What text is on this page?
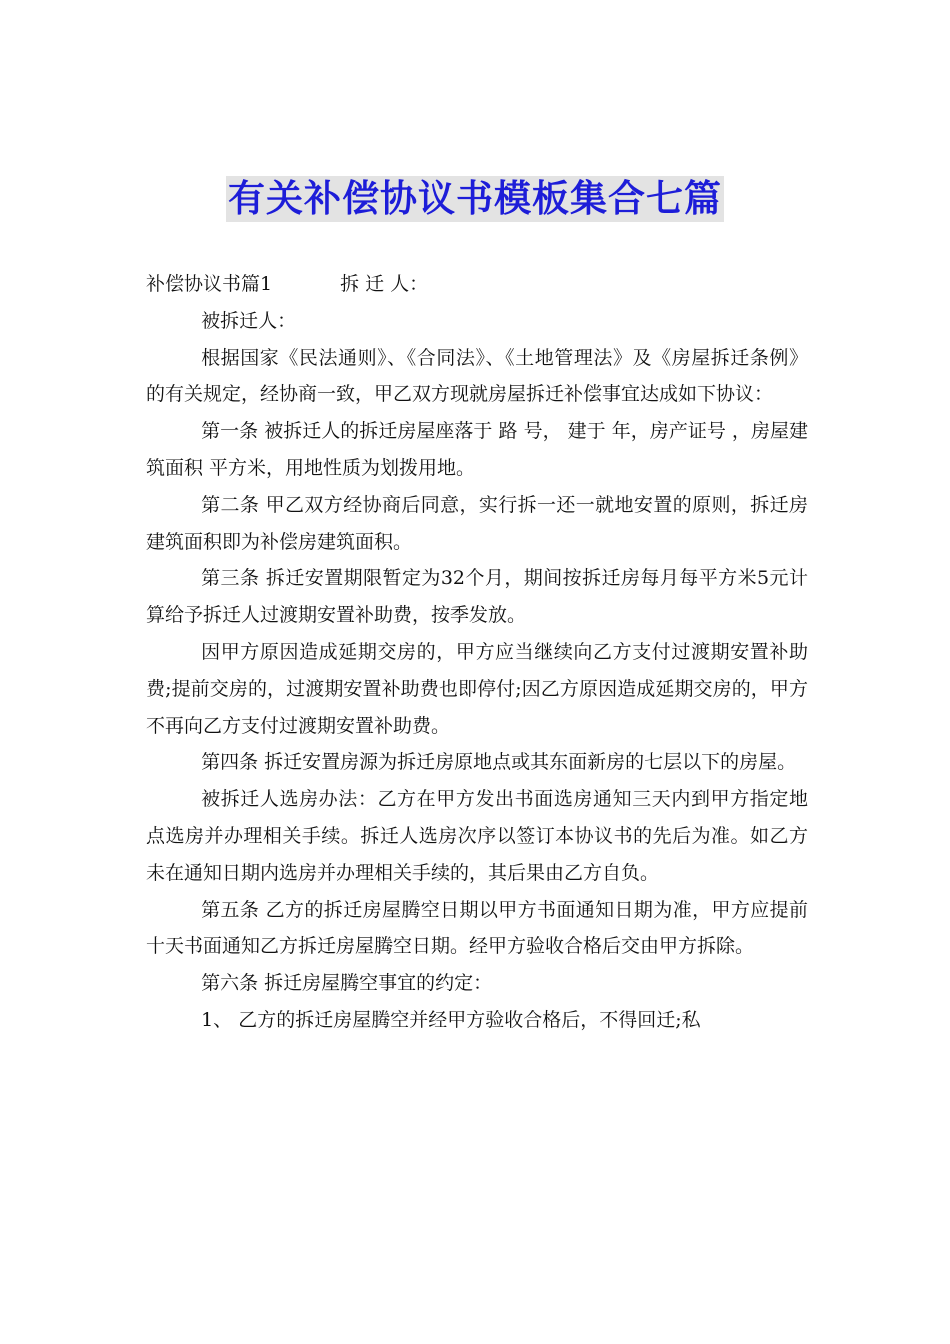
有关补偿协议书模板集合七篇

补偿协议书篇1	拆 迁 人：

被拆迁人：

根据国家《民法通则》、《合同法》、《土地管理法》及《房屋拆迁条例》的有关规定，经协商一致，甲乙双方现就房屋拆迁补偿事宜达成如下协议：

第一条 被拆迁人的拆迁房屋座落于 路 号， 建于 年，房产证号 ，房屋建筑面积 平方米，用地性质为划拨用地。

第二条 甲乙双方经协商后同意，实行拆一还一就地安置的原则，拆迁房建筑面积即为补偿房建筑面积。

第三条 拆迁安置期限暂定为32个月，期间按拆迁房每月每平方米5元计算给予拆迁人过渡期安置补助费，按季发放。

因甲方原因造成延期交房的，甲方应当继续向乙方支付过渡期安置补助费;提前交房的，过渡期安置补助费也即停付;因乙方原因造成延期交房的，甲方不再向乙方支付过渡期安置补助费。

第四条 拆迁安置房源为拆迁房原地点或其东面新房的七层以下的房屋。

被拆迁人选房办法：乙方在甲方发出书面选房通知三天内到甲方指定地点选房并办理相关手续。拆迁人选房次序以签订本协议书的先后为准。如乙方未在通知日期内选房并办理相关手续的，其后果由乙方自负。

第五条 乙方的拆迁房屋腾空日期以甲方书面通知日期为准，甲方应提前十天书面通知乙方拆迁房屋腾空日期。经甲方验收合格后交由甲方拆除。

第六条 拆迁房屋腾空事宜的约定：

1、 乙方的拆迁房屋腾空并经甲方验收合格后，不得回迁;私
